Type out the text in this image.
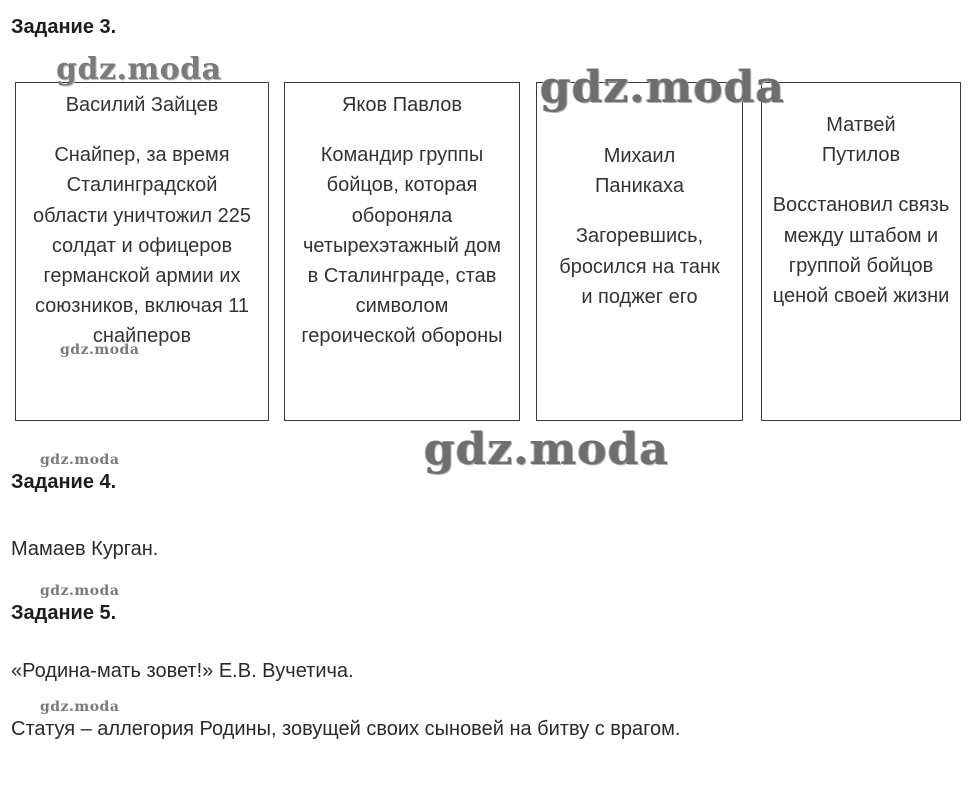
Задание 3.
Василий Зайцев
Снайпер, за время Сталинградской области уничтожил 225 солдат и офицеров германской армии их союзников, включая 11 снайперов
Яков Павлов
Командир группы бойцов, которая обороняла четырехэтажный дом в Сталинграде, став символом героической обороны
Михаил Паникаха
Загоревшись, бросился на танк и поджег его
Матвей Путилов
Восстановил связь между штабом и группой бойцов ценой своей жизни
Задание 4.

Мамаев Курган.

Задание 5.

«Родина-мать зовет!» Е.В. Вучетича.

Статуя – аллегория Родины, зовущей своих сыновей на битву с врагом.

gdz.moda	gdz.moda
gdz.moda
gdz.moda
gdz.moda
gdz.moda
gdz.moda
